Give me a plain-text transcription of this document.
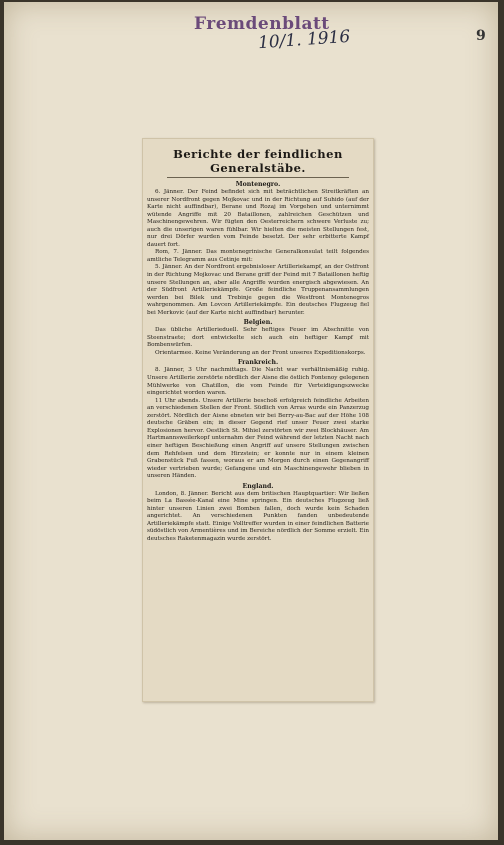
Fremdenblatt
10/1. 1916	9
Berichte der feindlichen Generalstäbe.
Montenegro.

6. Jänner. Der Feind befindet sich mit beträchtlichen Streitkräften an unserer Nordfront gegen Mojkovac und in der Richtung auf Suhido (auf der Karte nicht auffindbar), Berane und Rozaj im Vorgehen und unternimmt wütende Angriffe mit 20 Bataillonen, zahlreichen Geschützen und Maschinengewehren. Wir fügten den Oesterreichern schwere Verluste zu; auch die unserigen waren fühlbar. Wir hielten die meisten Stellungen fest, nur drei Dörfer wurden vom Feinde besetzt. Der sehr erbitterte Kampf dauert fort.

Rom, 7. Jänner. Das montenegrinische Generalkonsulat teilt folgendes amtliche Telegramm aus Cetinje mit:

5. Jänner. An der Nordfront ergebnisloser Artilleriekampf, an der Ostfront in der Richtung Mojkovac und Berane griff der Feind mit 7 Bataillonen heftig unsere Stellungen an, aber alle Angriffe wurden energisch abgewiesen. An der Südfront Artilleriekämpfe. Große feindliche Truppenansammlungen werden bei Bilek und Trebinje gegen die Westfront Montenegros wahrgenommen. Am Lovcen Artilleriekämpfe. Ein deutsches Flugzeug fiel bei Merkovic (auf der Karte nicht auffindbar) herunter.

Belgien.

Das übliche Artillerieduell. Sehr heftiges Feuer im Abschnitte von Steenstraete; dort entwickelte sich auch ein heftiger Kampf mit Bombenwürfen.

Orientarmee. Keine Veränderung an der Front unseres Expeditionskorps.

Frankreich.

8. Jänner, 3 Uhr nachmittags. Die Nacht war verhältnismäßig ruhig. Unsere Artillerie zerstörte nördlich der Aisne die östlich Fontenoy gelegenen Mühlwerke von Chatillon, die vom Feinde für Verteidigungszwecke eingerichtet worden waren.

11 Uhr abends. Unsere Artillerie beschoß erfolgreich feindliche Arbeiten an verschiedenen Stellen der Front. Südlich von Arras wurde ein Panzerzug zerstört. Nördlich der Aisne ebneten wir bei Berry-au-Bac auf der Höhe 108 deutsche Gräben ein; in dieser Gegend rief unser Feuer zwei starke Explosionen hervor. Oestlich St. Mihiel zerstörten wir zwei Blockhäuser. Am Hartmannsweilerkopf unternahm der Feind während der letzten Nacht nach einer heftigen Beschießung einen Angriff auf unsere Stellungen zwischen dem Rehfelsen und dem Hirzstein; er konnte nur in einem kleinen Grabenstück Fuß fassen, woraus er am Morgen durch einen Gegenangriff wieder vertrieben wurde; Gefangene und ein Maschinengewehr blieben in unseren Händen.

England.

London, 8. Jänner. Bericht aus dem britischen Hauptquartier: Wir ließen beim La Bassée-Kanal eine Mine springen. Ein deutsches Flugzeug ließ hinter unseren Linien zwei Bomben fallen, doch wurde kein Schaden angerichtet. An verschiedenen Punkten fanden unbedeutende Artilleriekämpfe statt. Einige Volltreffer wurden in einer feindlichen Batterie südöstlich von Armentières und im Bereiche nördlich der Somme erzielt. Ein deutsches Raketenmagazin wurde zerstört.
